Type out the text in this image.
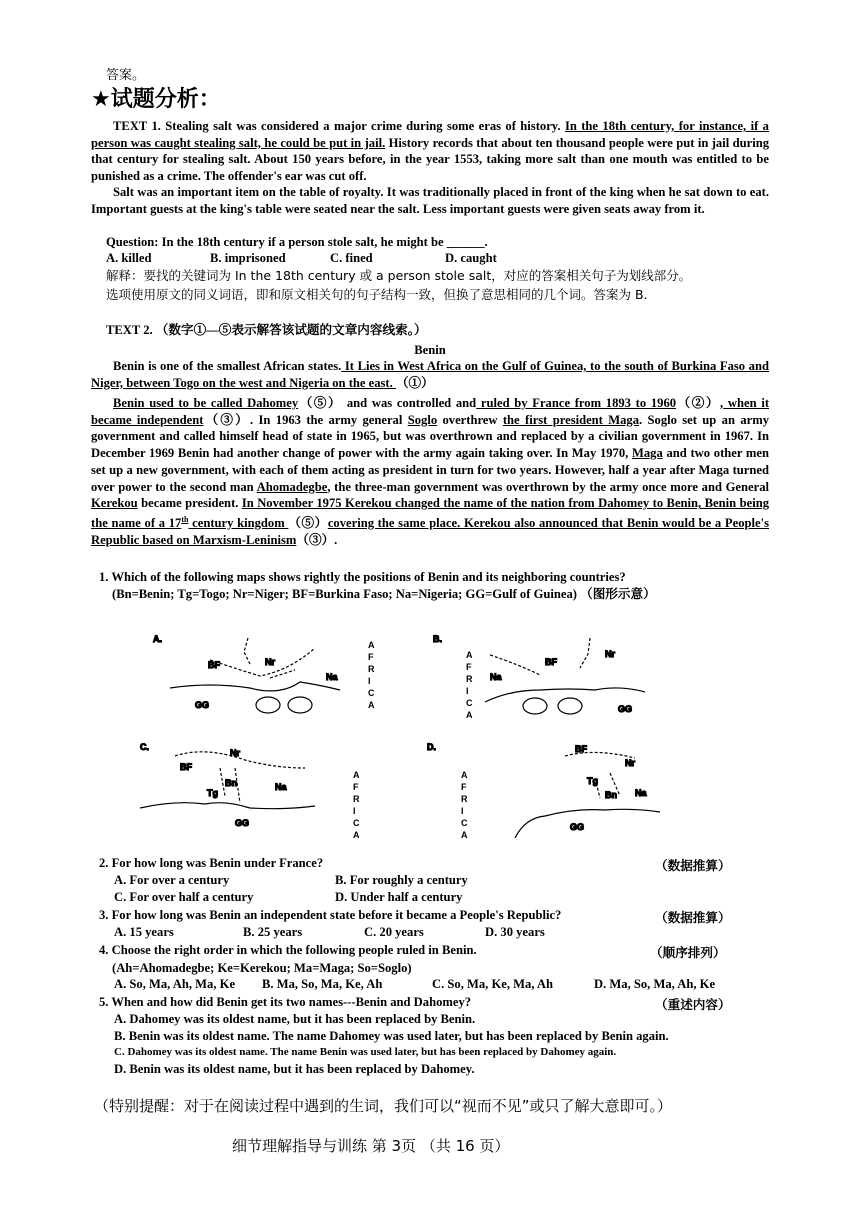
答案。
★试题分析：

TEXT 1. Stealing salt was considered a major crime during some eras of history. In the 18th century, for instance, if a person was caught stealing salt, he could be put in jail. History records that about ten thousand people were put in jail during that century for stealing salt. About 150 years before, in the year 1553, taking more salt than one mouth was entitled to be punished as a crime. The offender's ear was cut off.

Salt was an important item on the table of royalty. It was traditionally placed in front of the king when he sat down to eat. Important guests at the king's table were seated near the salt. Less important guests were given seats away from it.

Question: In the 18th century if a person stole salt, he might be ______.
A. killed	B. imprisoned	C. fined	D. caught
解释：要找的关键词为 In the 18th century 或 a person stole salt，对应的答案相关句子为划线部分。
选项使用原文的同义词语，即和原文相关句的句子结构一致，但换了意思相同的几个词。答案为 B.
TEXT 2. （数字①—⑤表示解答该试题的文章内容线索。）
Benin

Benin is one of the smallest African states. It Lies in West Africa on the Gulf of Guinea, to the south of Burkina Faso and Niger, between Togo on the west and Nigeria on the east. （①）

Benin used to be called Dahomey（⑤） and was controlled and ruled by France from 1893 to 1960（②）, when it became independent（③）. In 1963 the army general Soglo overthrew the first president Maga. Soglo set up an army government and called himself head of state in 1965, but was overthrown and replaced by a civilian government in 1967. In December 1969 Benin had another change of power with the army again taking over. In May 1970, Maga and two other men set up a new government, with each of them acting as president in turn for two years. However, half a year after Maga turned over power to the second man Ahomadegbe, the three-man government was overthrown by the army once more and General Kerekou became president. In November 1975 Kerekou changed the name of the nation from Dahomey to Benin, Benin being the name of a 17th century kingdom （⑤）covering the same place. Kerekou also announced that Benin would be a People's Republic based on Marxism-Leninism（③）.

1. Which of the following maps shows rightly the positions of Benin and its neighboring countries?
(Bn=Benin; Tg=Togo; Nr=Niger; BF=Burkina Faso; Na=Nigeria; GG=Gulf of Guinea) （图形示意）
A.
BF	Nr
Na
GG
B.
BF
Nr
Na
GG
C.
BF
Nr
Na
Bn
Tg
GG
D.	BF
Nr
Na
Tg
Bn
GG
A
F
R
I
C
A
A
F
R
I
C
A
A
F
R
I
C
A
A
F
R
I
C
A
2. For how long was Benin under France?	（数据推算）
A. For over a century	B. For roughly a century
C. For over half a century	D. Under half a century
3. For how long was Benin an independent state before it became a People's Republic?	（数据推算）
A. 15 years	B. 25 years	C. 20 years	D. 30 years
4. Choose the right order in which the following people ruled in Benin.	（顺序排列）
(Ah=Ahomadegbe; Ke=Kerekou; Ma=Maga; So=Soglo)
A. So, Ma, Ah, Ma, Ke B. Ma, So, Ma, Ke, Ah	C. So, Ma, Ke, Ma, Ah	D. Ma, So, Ma, Ah, Ke
5. When and how did Benin get its two names---Benin and Dahomey?	（重述内容）
A. Dahomey was its oldest name, but it has been replaced by Benin.
B. Benin was its oldest name. The name Dahomey was used later, but has been replaced by Benin again.
C. Dahomey was its oldest name. The name Benin was used later, but has been replaced by Dahomey again.
D. Benin was its oldest name, but it has been replaced by Dahomey.
（特别提醒：对于在阅读过程中遇到的生词，我们可以“视而不见”或只了解大意即可。）
细节理解指导与训练 第 3页 （共 16 页）
